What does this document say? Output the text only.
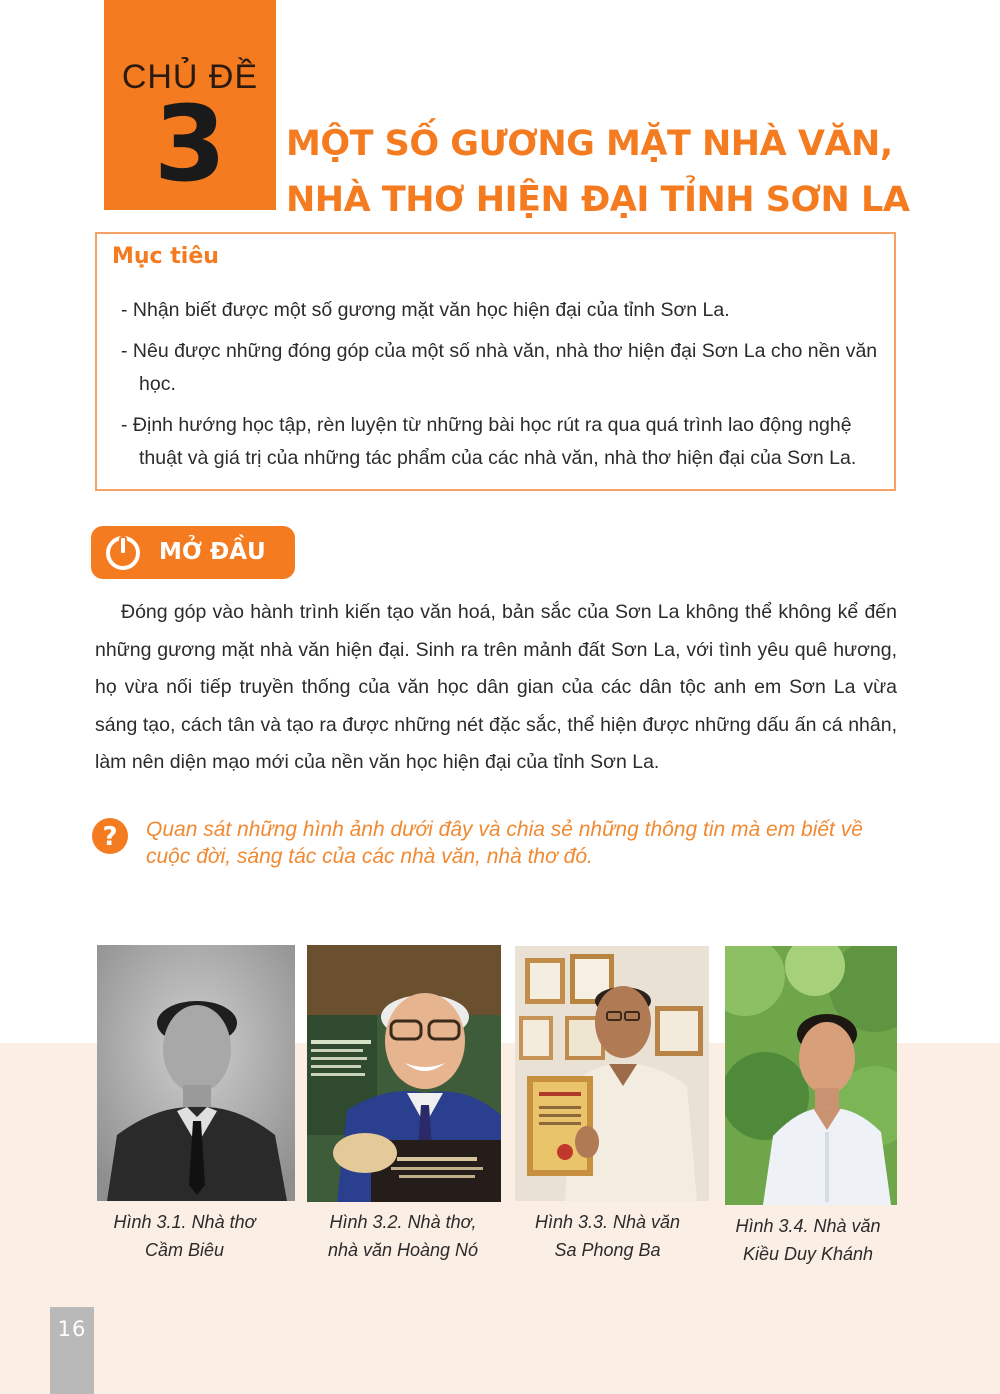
CHỦ ĐỀ
3	MỘT SỐ GƯƠNG MẶT NHÀ VĂN,
NHÀ THƠ HIỆN ĐẠI TỈNH SƠN LA
Mục tiêu
- Nhận biết được một số gương mặt văn học hiện đại của tỉnh Sơn La.
- Nêu được những đóng góp của một số nhà văn, nhà thơ hiện đại Sơn La cho nền văn học.
- Định hướng học tập, rèn luyện từ những bài học rút ra qua quá trình lao động nghệ thuật và giá trị của những tác phẩm của các nhà văn, nhà thơ hiện đại của Sơn La.
MỞ ĐẦU

Đóng góp vào hành trình kiến tạo văn hoá, bản sắc của Sơn La không thể không kể đến những gương mặt nhà văn hiện đại. Sinh ra trên mảnh đất Sơn La, với tình yêu quê hương, họ vừa nối tiếp truyền thống của văn học dân gian của các dân tộc anh em Sơn La vừa sáng tạo, cách tân và tạo ra được những nét đặc sắc, thể hiện được những dấu ấn cá nhân, làm nên diện mạo mới của nền văn học hiện đại của tỉnh Sơn La.

? Quan sát những hình ảnh dưới đây và chia sẻ những thông tin mà em biết về cuộc đời, sáng tác của các nhà văn, nhà thơ đó.

Hình 3.1. Nhà thơ
Cầm Biêu
Hình 3.2. Nhà thơ,
nhà văn Hoàng Nó
Hình 3.3. Nhà văn
Sa Phong Ba
Hình 3.4. Nhà văn
Kiều Duy Khánh
16
